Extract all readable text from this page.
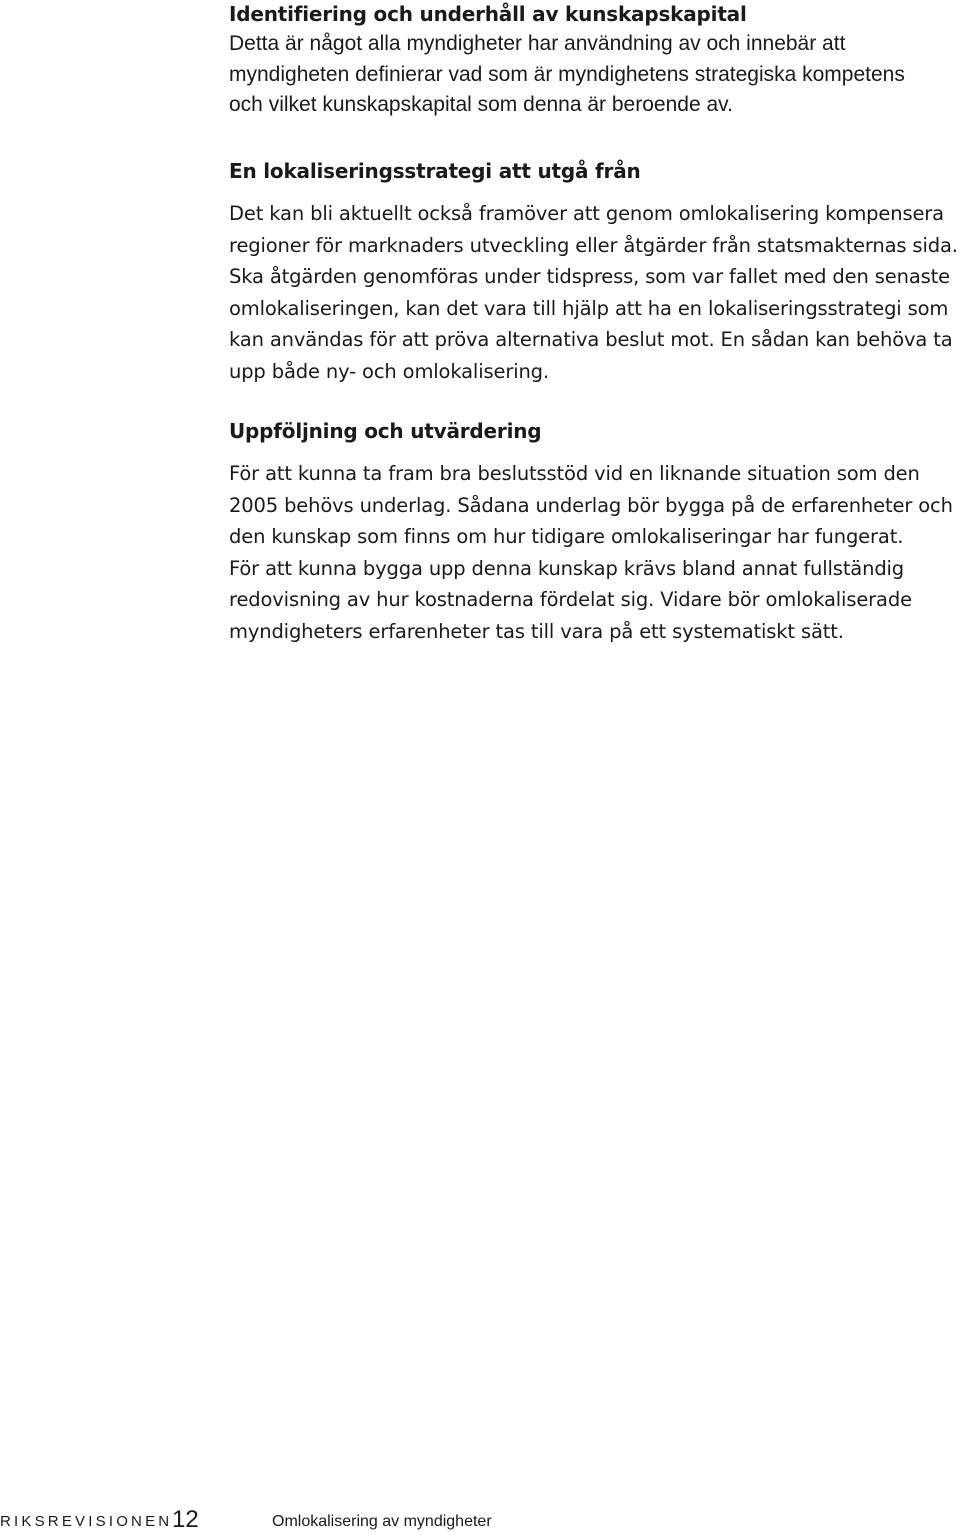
Identifiering och underhåll av kunskapskapital

Detta är något alla myndigheter har användning av och innebär att
myndigheten definierar vad som är myndighetens strategiska kompetens
och vilket kunskapskapital som denna är beroende av.

En lokaliseringsstrategi att utgå från

Det kan bli aktuellt också framöver att genom omlokalisering kompensera
regioner för marknaders utveckling eller åtgärder från statsmakternas sida.
Ska åtgärden genomföras under tidspress, som var fallet med den senaste
omlokaliseringen, kan det vara till hjälp att ha en lokaliseringsstrategi som
kan användas för att pröva alternativa beslut mot. En sådan kan behöva ta
upp både ny- och omlokalisering.

Uppföljning och utvärdering

För att kunna ta fram bra beslutsstöd vid en liknande situation som den
2005 behövs underlag. Sådana underlag bör bygga på de erfarenheter och
den kunskap som finns om hur tidigare omlokaliseringar har fungerat.
För att kunna bygga upp denna kunskap krävs bland annat fullständig
redovisning av hur kostnaderna fördelat sig. Vidare bör omlokaliserade
myndigheters erfarenheter tas till vara på ett systematiskt sätt.

RIKSREVISIONEN 12	Omlokalisering av myndigheter
